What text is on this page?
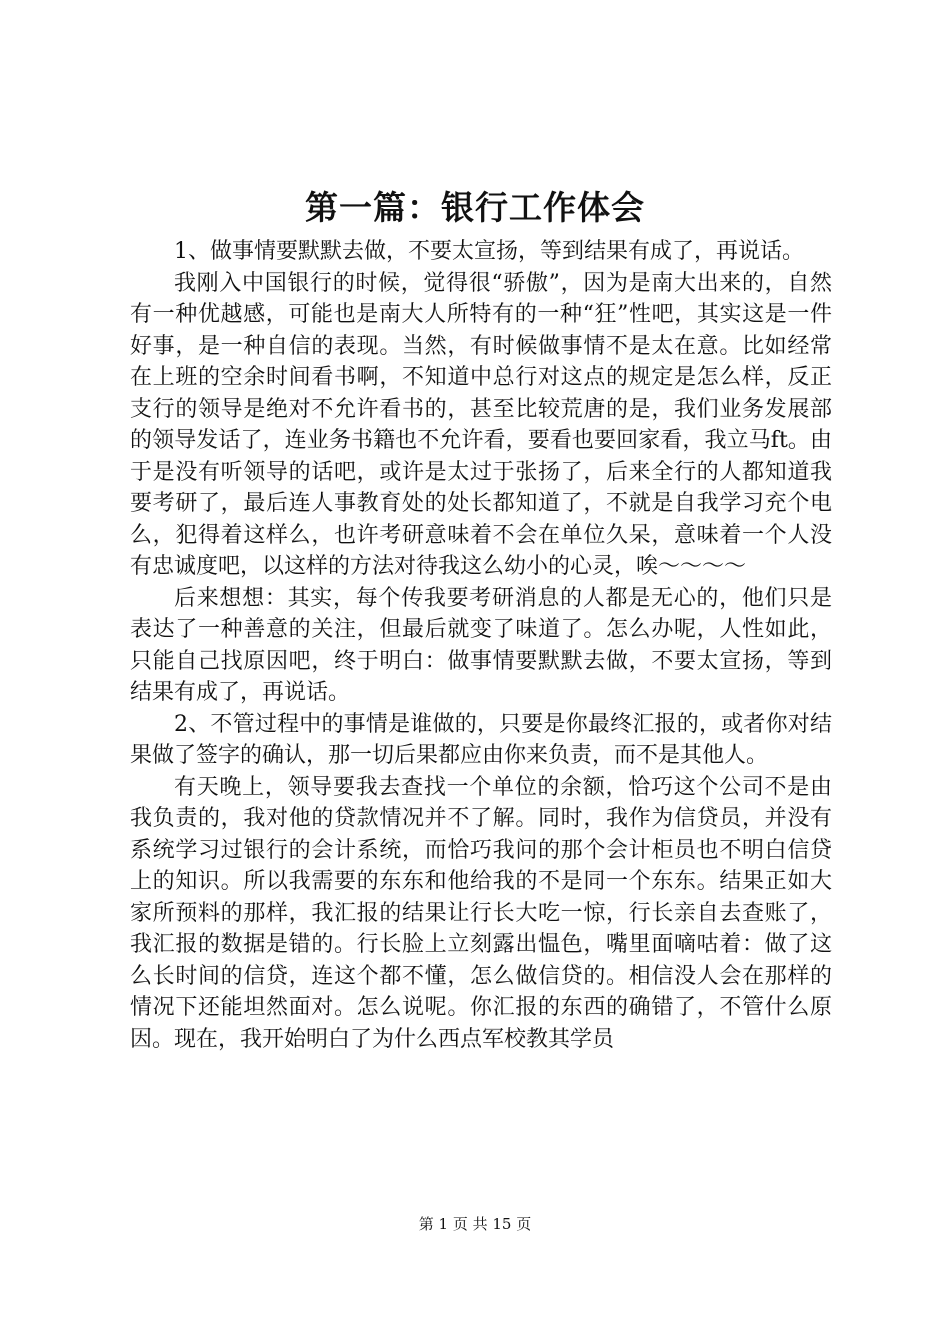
第一篇：银行工作体会

1、做事情要默默去做，不要太宣扬，等到结果有成了，再说话。

我刚入中国银行的时候，觉得很“骄傲”，因为是南大出来的，自然有一种优越感，可能也是南大人所特有的一种“狂”性吧，其实这是一件好事，是一种自信的表现。当然，有时候做事情不是太在意。比如经常在上班的空余时间看书啊，不知道中总行对这点的规定是怎么样，反正支行的领导是绝对不允许看书的，甚至比较荒唐的是，我们业务发展部的领导发话了，连业务书籍也不允许看，要看也要回家看，我立马ft。由于是没有听领导的话吧，或许是太过于张扬了，后来全行的人都知道我要考研了，最后连人事教育处的处长都知道了，不就是自我学习充个电么，犯得着这样么，也许考研意味着不会在单位久呆，意味着一个人没有忠诚度吧，以这样的方法对待我这么幼小的心灵，唉～～～～

后来想想：其实，每个传我要考研消息的人都是无心的，他们只是表达了一种善意的关注，但最后就变了味道了。怎么办呢，人性如此，只能自己找原因吧，终于明白：做事情要默默去做，不要太宣扬，等到结果有成了，再说话。

2、不管过程中的事情是谁做的，只要是你最终汇报的，或者你对结果做了签字的确认，那一切后果都应由你来负责，而不是其他人。

有天晚上，领导要我去查找一个单位的余额，恰巧这个公司不是由我负责的，我对他的贷款情况并不了解。同时，我作为信贷员，并没有系统学习过银行的会计系统，而恰巧我问的那个会计柜员也不明白信贷上的知识。所以我需要的东东和他给我的不是同一个东东。结果正如大家所预料的那样，我汇报的结果让行长大吃一惊，行长亲自去查账了，我汇报的数据是错的。行长脸上立刻露出愠色，嘴里面嘀咕着：做了这么长时间的信贷，连这个都不懂，怎么做信贷的。相信没人会在那样的情况下还能坦然面对。怎么说呢。你汇报的东西的确错了，不管什么原因。现在，我开始明白了为什么西点军校教其学员

第 1 页 共 15 页
